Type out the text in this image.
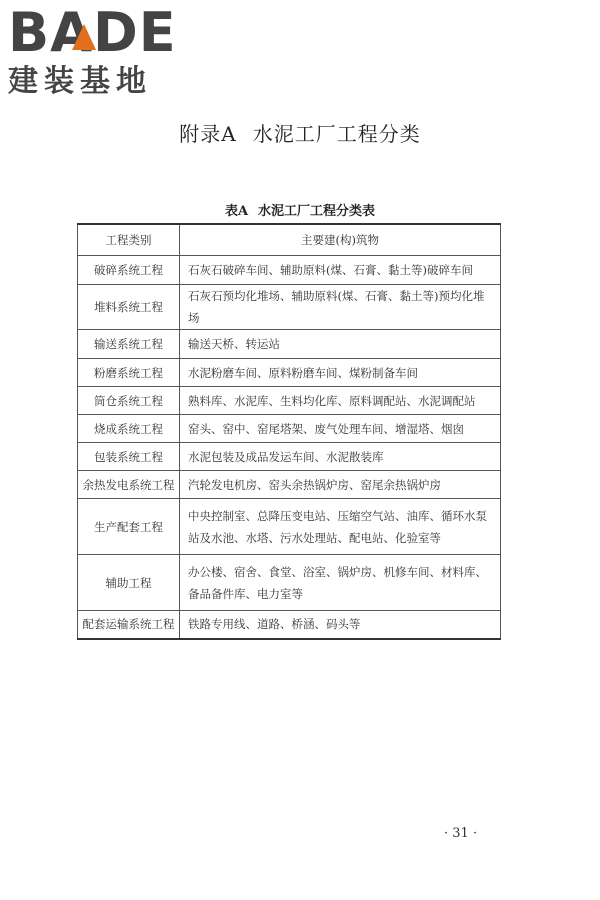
BADE
建装基地
附录A 水泥工厂工程分类
表A 水泥工厂工程分类表
工程类别	主要建(构)筑物
破碎系统工程	石灰石破碎车间、辅助原料(煤、石膏、黏土等)破碎车间
堆料系统工程	石灰石预均化堆场、辅助原料(煤、石膏、黏土等)预均化堆场
输送系统工程	输送天桥、转运站
粉磨系统工程	水泥粉磨车间、原料粉磨车间、煤粉制备车间
筒仓系统工程	熟料库、水泥库、生料均化库、原料调配站、水泥调配站
烧成系统工程	窑头、窑中、窑尾塔架、废气处理车间、增湿塔、烟囱
包装系统工程	水泥包装及成品发运车间、水泥散装库
余热发电系统工程	汽轮发电机房、窑头余热锅炉房、窑尾余热锅炉房
生产配套工程	中央控制室、总降压变电站、压缩空气站、油库、循环水泵站及水池、水塔、污水处理站、配电站、化验室等
辅助工程	办公楼、宿舍、食堂、浴室、锅炉房、机修车间、材料库、备品备件库、电力室等
配套运输系统工程	铁路专用线、道路、桥涵、码头等
· 31 ·
